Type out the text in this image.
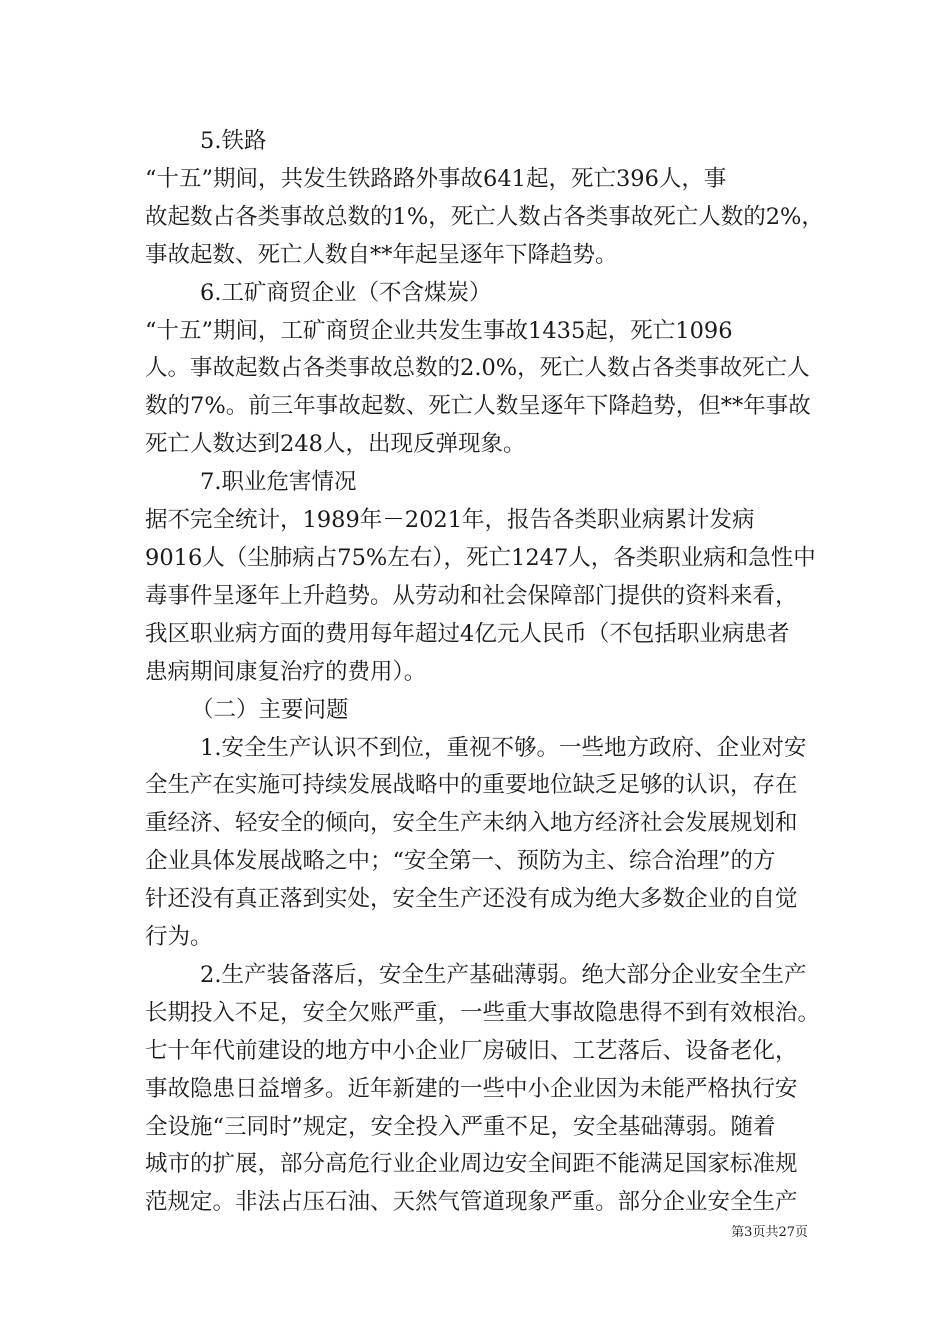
5.铁路
“十五”期间，共发生铁路路外事故641起，死亡396人，事
故起数占各类事故总数的1%，死亡人数占各类事故死亡人数的2%，
事故起数、死亡人数自**年起呈逐年下降趋势。
6.工矿商贸企业（不含煤炭）
“十五”期间，工矿商贸企业共发生事故1435起，死亡1096
人。事故起数占各类事故总数的2.0%，死亡人数占各类事故死亡人
数的7%。前三年事故起数、死亡人数呈逐年下降趋势，但**年事故
死亡人数达到248人，出现反弹现象。
7.职业危害情况
据不完全统计，1989年－2021年，报告各类职业病累计发病
9016人（尘肺病占75%左右），死亡1247人，各类职业病和急性中
毒事件呈逐年上升趋势。从劳动和社会保障部门提供的资料来看，
我区职业病方面的费用每年超过4亿元人民币（不包括职业病患者
患病期间康复治疗的费用）。
（二）主要问题
1.安全生产认识不到位，重视不够。一些地方政府、企业对安
全生产在实施可持续发展战略中的重要地位缺乏足够的认识，存在
重经济、轻安全的倾向，安全生产未纳入地方经济社会发展规划和
企业具体发展战略之中；“安全第一、预防为主、综合治理”的方
针还没有真正落到实处，安全生产还没有成为绝大多数企业的自觉
行为。
2.生产装备落后，安全生产基础薄弱。绝大部分企业安全生产
长期投入不足，安全欠账严重，一些重大事故隐患得不到有效根治。
七十年代前建设的地方中小企业厂房破旧、工艺落后、设备老化，
事故隐患日益增多。近年新建的一些中小企业因为未能严格执行安
全设施“三同时”规定，安全投入严重不足，安全基础薄弱。随着
城市的扩展，部分高危行业企业周边安全间距不能满足国家标准规
范规定。非法占压石油、天然气管道现象严重。部分企业安全生产
第3页共27页
